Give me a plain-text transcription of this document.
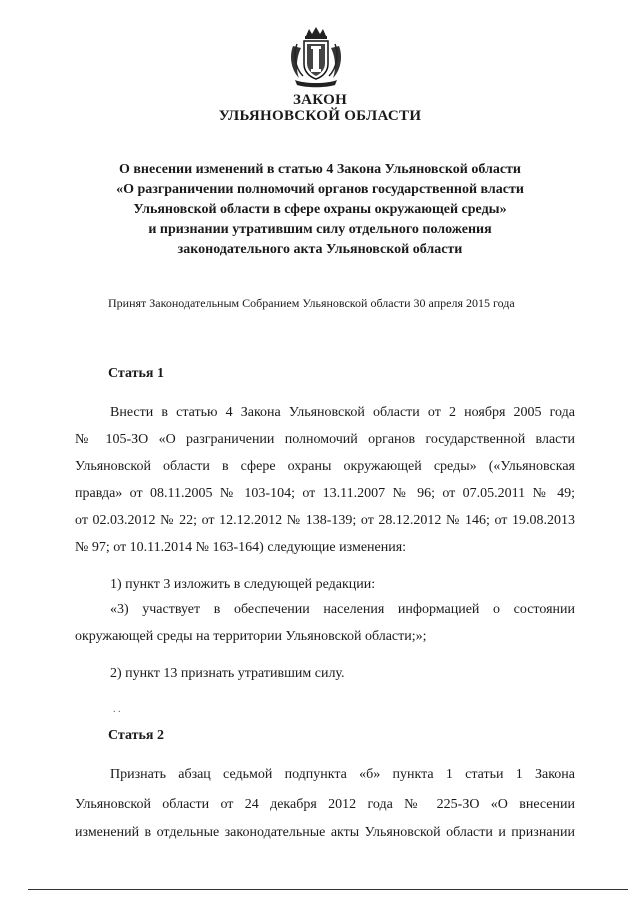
ЗАКОН
УЛЬЯНОВСКОЙ ОБЛАСТИ
О внесении изменений в статью 4 Закона Ульяновской области
«О разграничении полномочий органов государственной власти
Ульяновской области в сфере охраны окружающей среды»
и признании утратившим силу отдельного положения
законодательного акта Ульяновской области
Принят Законодательным Собранием Ульяновской области 30 апреля 2015 года
Статья 1
Внести в статью 4 Закона Ульяновской области от 2 ноября 2005 года
№ 105-ЗО «О разграничении полномочий органов государственной власти
Ульяновской области в сфере охраны окружающей среды» («Ульяновская
правда» от 08.11.2005 № 103-104; от 13.11.2007 № 96; от 07.05.2011 № 49;
от 02.03.2012 № 22; от 12.12.2012 № 138-139; от 28.12.2012 № 146; от 19.08.2013
№ 97; от 10.11.2014 № 163-164) следующие изменения:
1) пункт 3 изложить в следующей редакции:
«3) участвует в обеспечении населения информацией о состоянии
окружающей среды на территории Ульяновской области;»;
2) пункт 13 признать утратившим силу.
. .
Статья 2
Признать абзац седьмой подпункта «б» пункта 1 статьи 1 Закона
Ульяновской области от 24 декабря 2012 года № 225-ЗО «О внесении
изменений в отдельные законодательные акты Ульяновской области и признании
